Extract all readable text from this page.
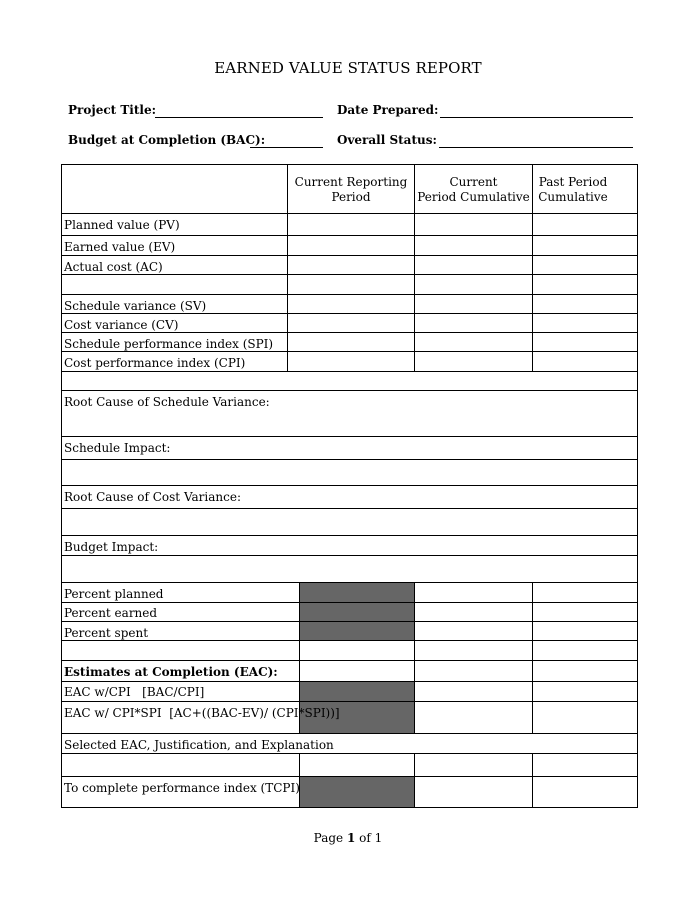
EARNED VALUE STATUS REPORT
Project Title:	Date Prepared:
Budget at Completion (BAC):	Overall Status:
Current Reporting
Period
Current
Period Cumulative
Past Period
Cumulative
Planned value (PV)
Earned value (EV)
Actual cost (AC)
Schedule variance (SV)
Cost variance (CV)
Schedule performance index (SPI)
Cost performance index (CPI)
Root Cause of Schedule Variance:
Schedule Impact:
Root Cause of Cost Variance:
Budget Impact:
Percent planned
Percent earned
Percent spent
Estimates at Completion (EAC):
EAC w/CPI   [BAC/CPI]
EAC w/ CPI*SPI  [AC+((BAC-EV)/ (CPI*SPI))]
Selected EAC, Justification, and Explanation
To complete performance index (TCPI)
Page 1 of 1
